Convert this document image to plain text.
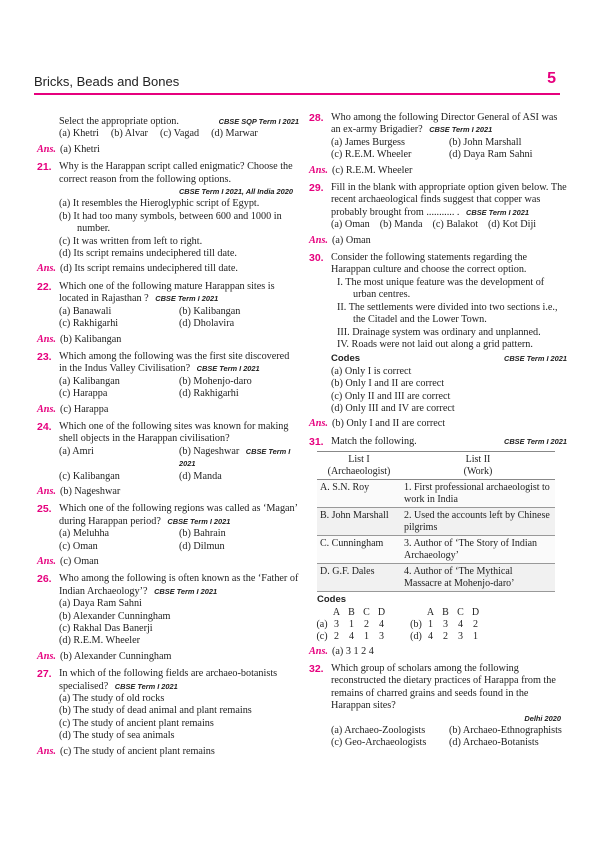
Bricks, Beads and Bones	5
CBSE SQP Term I 2021
Select the appropriate option.
(a) Khetri (b) Alvar (c) Vagad (d) Marwar
Ans. (a) Khetri
21. Why is the Harappan script called enigmatic? Choose the correct reason from the following options.
CBSE Term I 2021, All India 2020
(a) It resembles the Hieroglyphic script of Egypt.
(b) It had too many symbols, between 600 and 1000 in number.
(c) It was written from left to right.
(d) Its script remains undeciphered till date.
Ans. (d) Its script remains undeciphered till date.
22. Which one of the following mature Harappan sites is located in Rajasthan ? CBSE Term I 2021
(a) Banawali	(b) Kalibangan
(c) Rakhigarhi	(d) Dholavira
Ans. (b) Kalibangan
23. Which among the following was the first site discovered in the Indus Valley Civilisation? CBSE Term I 2021
(a) Kalibangan	(b) Mohenjo-daro
(c) Harappa	(d) Rakhigarhi
Ans. (c) Harappa
24. Which one of the following sites was known for making shell objects in the Harappan civilisation?
(a) Amri	(b) Nageshwar CBSE Term I 2021
(c) Kalibangan	(d) Manda
Ans. (b) Nageshwar
25. Which one of the following regions was called as ‘Magan’ during Harappan period? CBSE Term I 2021
(a) Meluhha	(b) Bahrain
(c) Oman	(d) Dilmun
Ans. (c) Oman
26. Who among the following is often known as the ‘Father of Indian Archaeology’? CBSE Term I 2021
(a) Daya Ram Sahni
(b) Alexander Cunningham
(c) Rakhal Das Banerji
(d) R.E.M. Wheeler
Ans. (b) Alexander Cunningham
27. In which of the following fields are archaeo-botanists specialised? CBSE Term I 2021
(a) The study of old rocks
(b) The study of dead animal and plant remains
(c) The study of ancient plant remains
(d) The study of sea animals
Ans. (c) The study of ancient plant remains
28. Who among the following Director General of ASI was an ex-army Brigadier? CBSE Term I 2021
(a) James Burgess	(b) John Marshall
(c) R.E.M. Wheeler	(d) Daya Ram Sahni
Ans. (c) R.E.M. Wheeler
29. Fill in the blank with appropriate option given below. The recent archaeological finds suggest that copper was probably brought from ........... . CBSE Term I 2021
(a) Oman (b) Manda (c) Balakot (d) Kot Diji
Ans. (a) Oman
30. Consider the following statements regarding the Harappan culture and choose the correct option.
I. The most unique feature was the development of urban centres.
II. The settlements were divided into two sections i.e., the Citadel and the Lower Town.
III. Drainage system was ordinary and unplanned.
IV. Roads were not laid out along a grid pattern.
Codes	CBSE Term I 2021
(a) Only I is correct
(b) Only I and II are correct
(c) Only II and III are correct
(d) Only III and IV are correct
Ans. (b) Only I and II are correct
31. Match the following.	CBSE Term I 2021
List I
(Archaeologist)	List II
(Work)
A. S.N. Roy	1. First professional archaeologist to work in India
B. John Marshall	2. Used the accounts left by Chinese pilgrims
C. Cunningham	3. Author of ‘The Story of Indian Archaeology’
D. G.F. Dales	4. Author of ‘The Mythical Massacre at Mohenjo-daro’
Codes
A B C D	A B C D
(a) 3	1	2	4	(b) 1	3	4	2
(c) 2	4	1	3	(d) 4	2	3	1
Ans. (a) 3 1 2 4
32. Which group of scholars among the following reconstructed the dietary practices of Harappa from the remains of charred grains and seeds found in the Harappan sites?
Delhi 2020
(a) Archaeo-Zoologists	(b) Archaeo-Ethnographists
(c) Geo-Archaeologists	(d) Archaeo-Botanists
